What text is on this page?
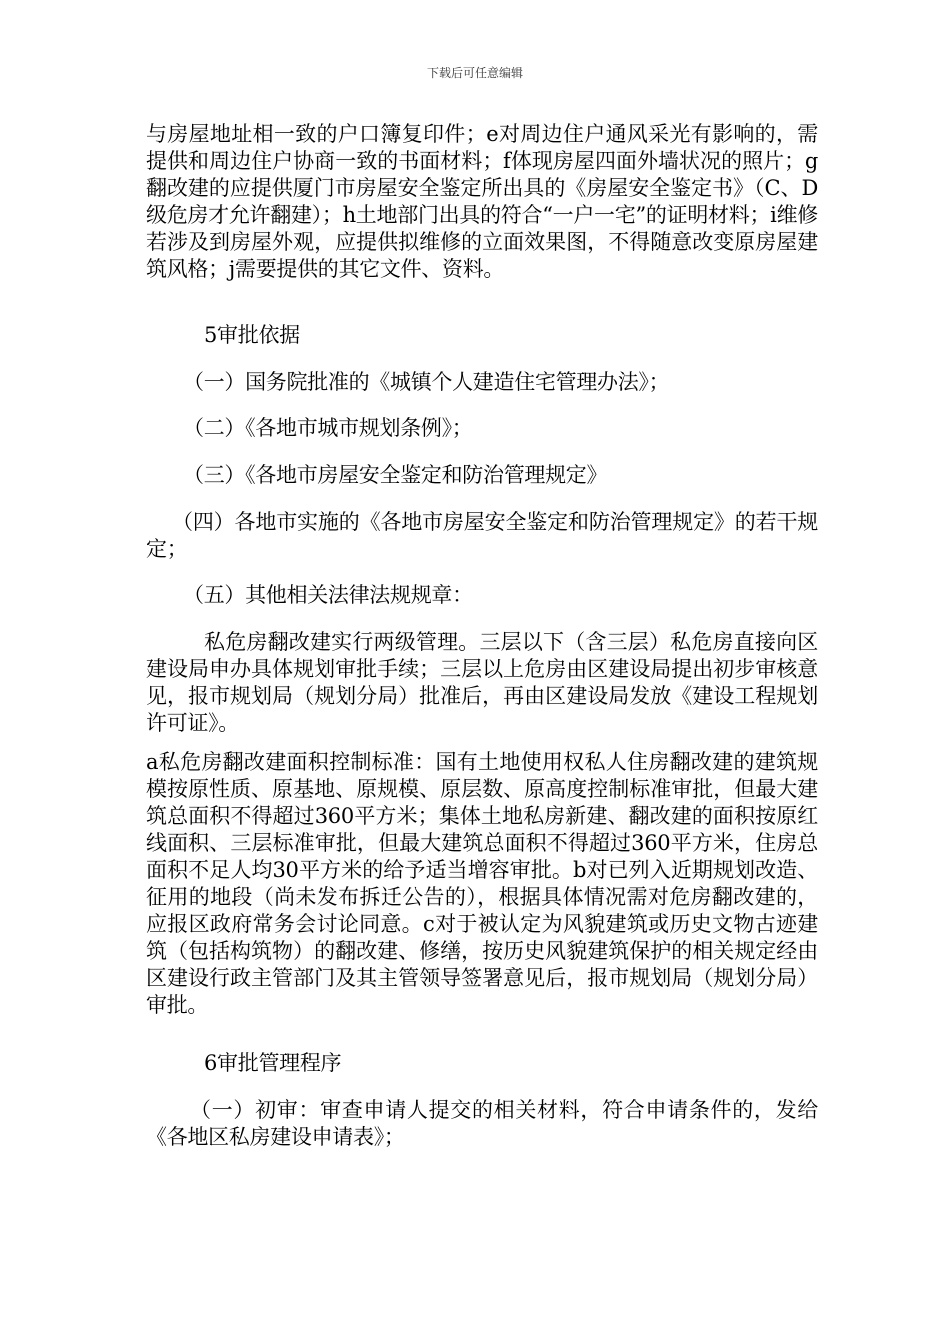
下载后可任意编辑

与房屋地址相一致的户口簿复印件；e对周边住户通风采光有影响的，需提供和周边住户协商一致的书面材料；f体现房屋四面外墙状况的照片；g翻改建的应提供厦门市房屋安全鉴定所出具的《房屋安全鉴定书》（C、D级危房才允许翻建）；h土地部门出具的符合“一户一宅”的证明材料；i维修若涉及到房屋外观，应提供拟维修的立面效果图，不得随意改变原房屋建筑风格；j需要提供的其它文件、资料。

5审批依据

（一）国务院批准的《城镇个人建造住宅管理办法》；

（二）《各地市城市规划条例》；

（三）《各地市房屋安全鉴定和防治管理规定》

（四）各地市实施的《各地市房屋安全鉴定和防治管理规定》的若干规定；

（五）其他相关法律法规规章：

私危房翻改建实行两级管理。三层以下（含三层）私危房直接向区建设局申办具体规划审批手续；三层以上危房由区建设局提出初步审核意见，报市规划局（规划分局）批准后，再由区建设局发放《建设工程规划许可证》。

a私危房翻改建面积控制标准：国有土地使用权私人住房翻改建的建筑规模按原性质、原基地、原规模、原层数、原高度控制标准审批，但最大建筑总面积不得超过360平方米；集体土地私房新建、翻改建的面积按原红线面积、三层标准审批，但最大建筑总面积不得超过360平方米，住房总面积不足人均30平方米的给予适当增容审批。b对已列入近期规划改造、征用的地段（尚未发布拆迁公告的），根据具体情况需对危房翻改建的，应报区政府常务会讨论同意。c对于被认定为风貌建筑或历史文物古迹建筑（包括构筑物）的翻改建、修缮，按历史风貌建筑保护的相关规定经由区建设行政主管部门及其主管领导签署意见后，报市规划局（规划分局）审批。

6审批管理程序

（一）初审：审查申请人提交的相关材料，符合申请条件的，发给《各地区私房建设申请表》；
